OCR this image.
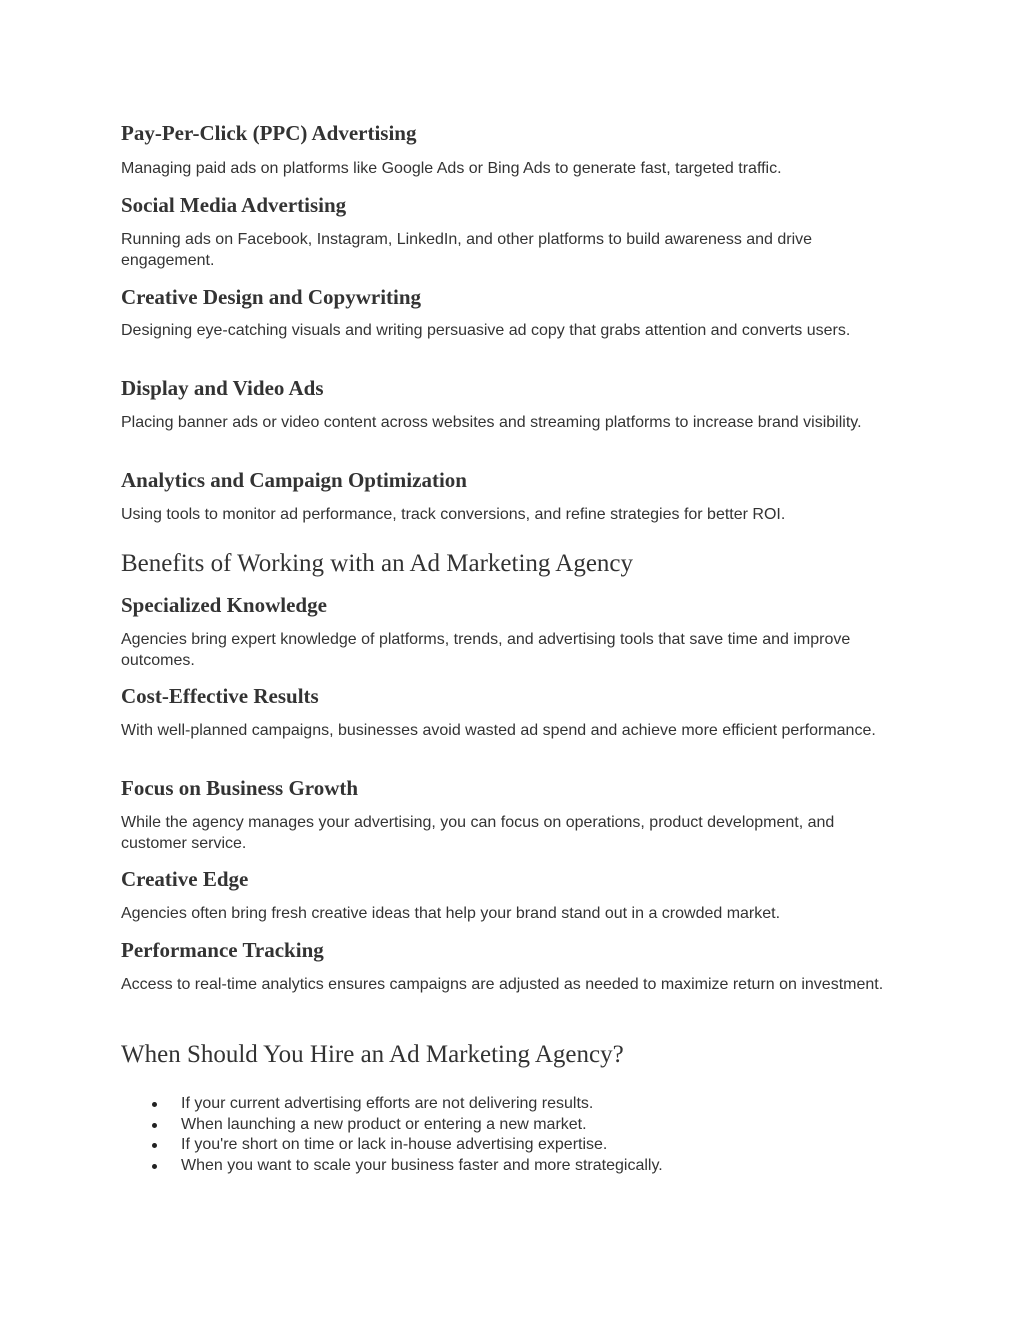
Pay-Per-Click (PPC) Advertising

Managing paid ads on platforms like Google Ads or Bing Ads to generate fast, targeted traffic.

Social Media Advertising

Running ads on Facebook, Instagram, LinkedIn, and other platforms to build awareness and drive engagement.

Creative Design and Copywriting

Designing eye-catching visuals and writing persuasive ad copy that grabs attention and converts users.

Display and Video Ads

Placing banner ads or video content across websites and streaming platforms to increase brand visibility.

Analytics and Campaign Optimization

Using tools to monitor ad performance, track conversions, and refine strategies for better ROI.

Benefits of Working with an Ad Marketing Agency
Specialized Knowledge

Agencies bring expert knowledge of platforms, trends, and advertising tools that save time and improve outcomes.

Cost-Effective Results

With well-planned campaigns, businesses avoid wasted ad spend and achieve more efficient performance.

Focus on Business Growth

While the agency manages your advertising, you can focus on operations, product development, and customer service.

Creative Edge

Agencies often bring fresh creative ideas that help your brand stand out in a crowded market.

Performance Tracking

Access to real-time analytics ensures campaigns are adjusted as needed to maximize return on investment.

When Should You Hire an Ad Marketing Agency?
If your current advertising efforts are not delivering results.
When launching a new product or entering a new market.
If you're short on time or lack in-house advertising expertise.
When you want to scale your business faster and more strategically.
